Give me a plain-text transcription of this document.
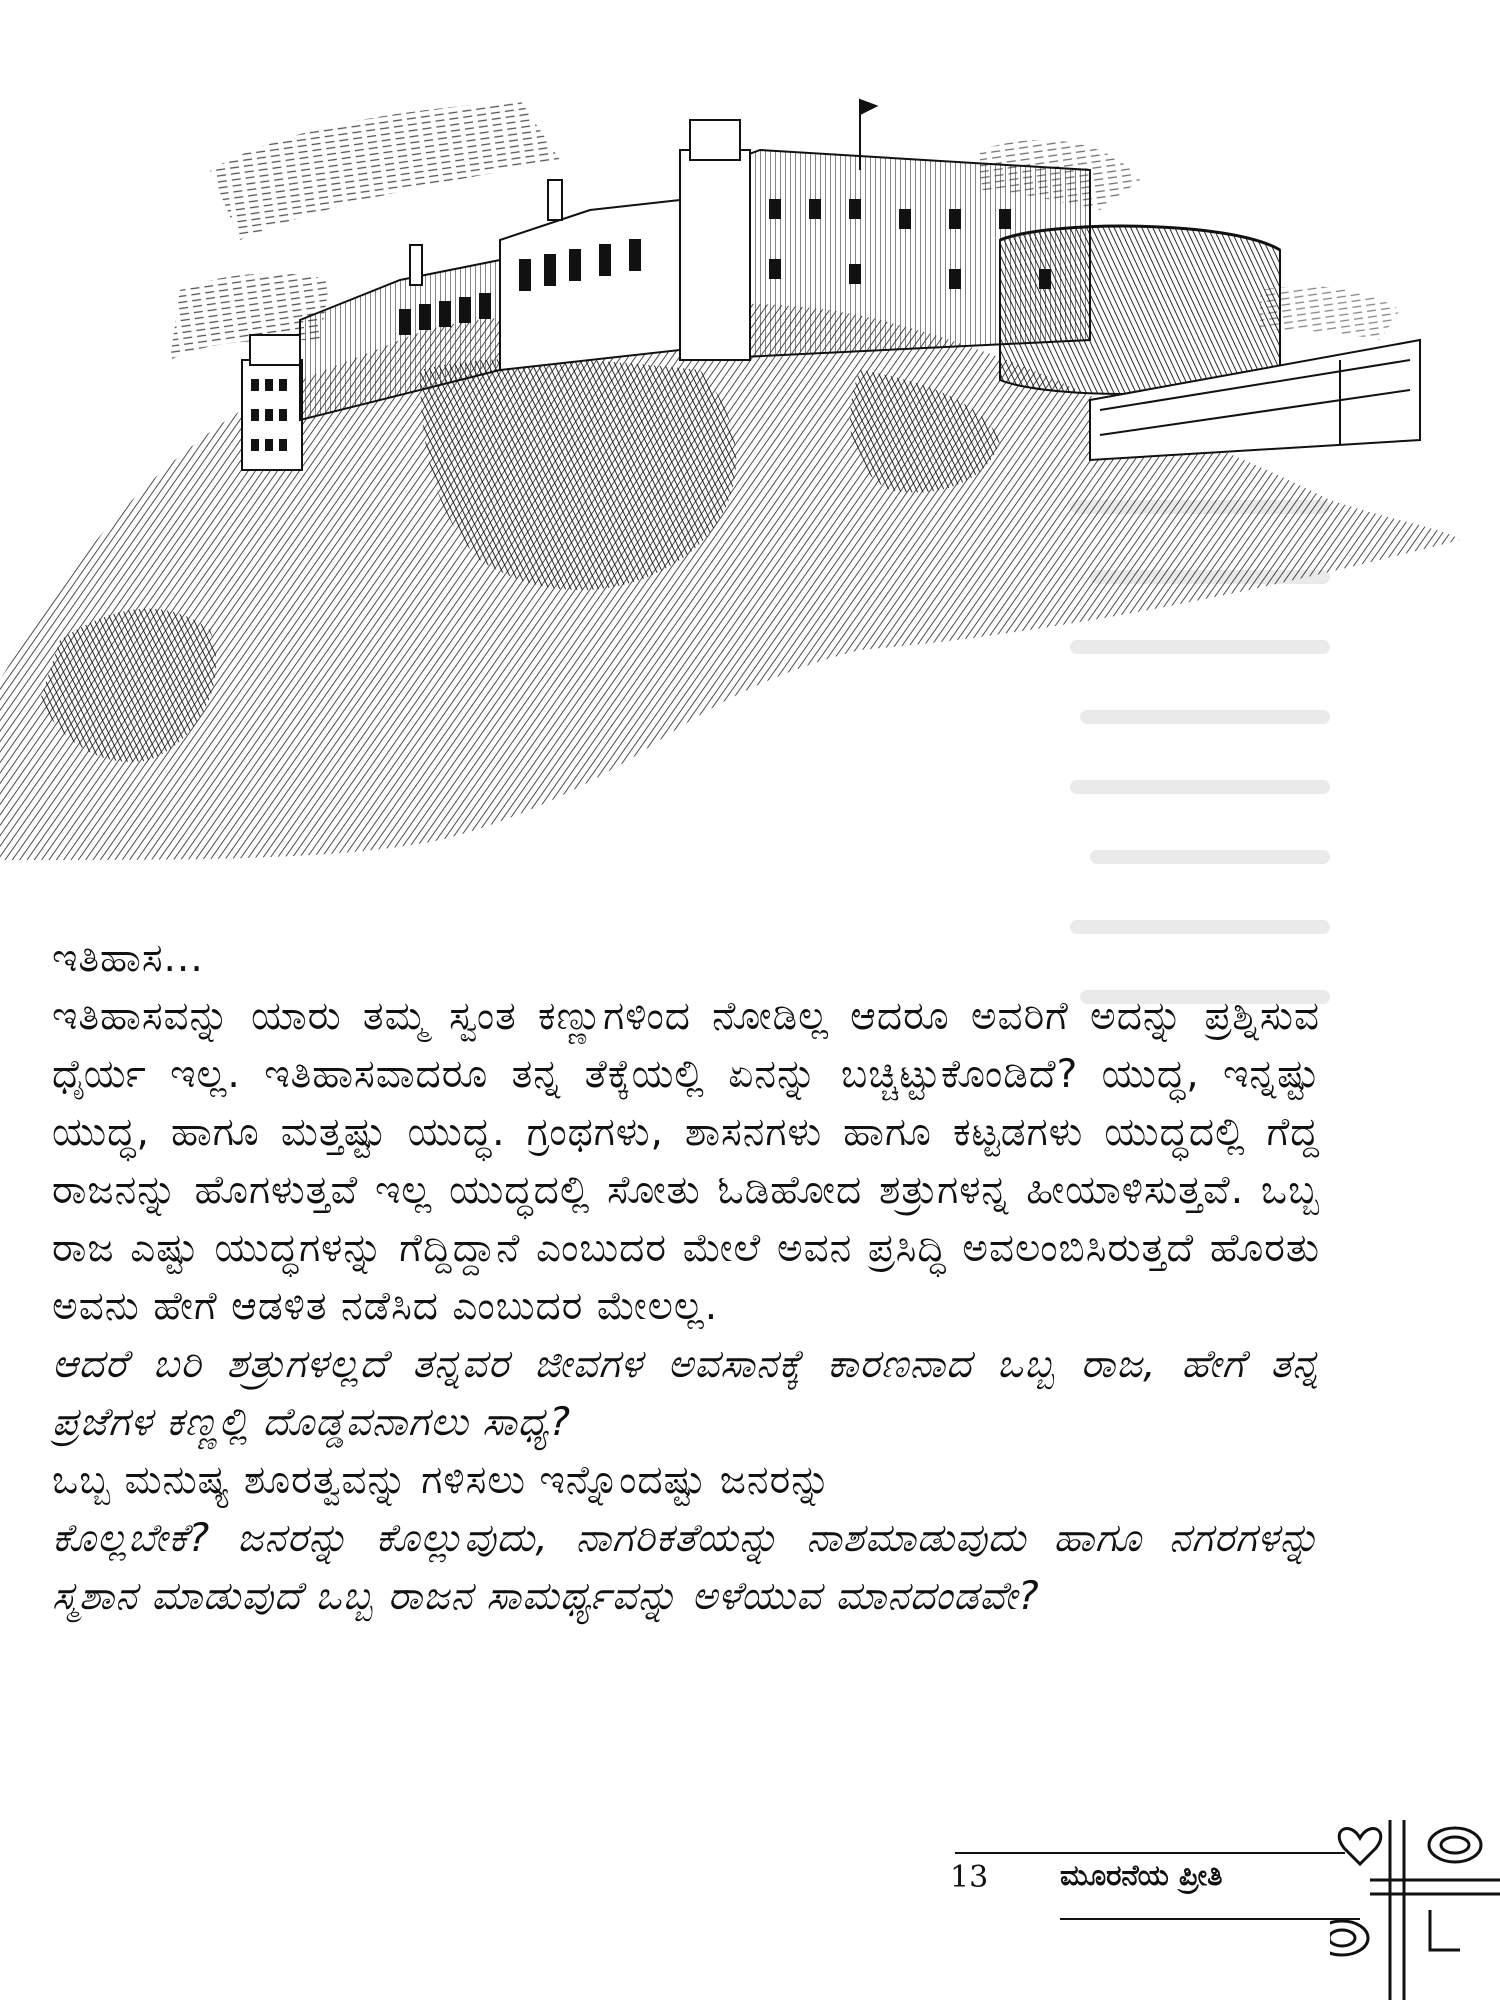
ಇತಿಹಾಸ...

ಇತಿಹಾಸವನ್ನು ಯಾರು ತಮ್ಮ ಸ್ವಂತ ಕಣ್ಣುಗಳಿಂದ ನೋಡಿಲ್ಲ ಆದರೂ ಅವರಿಗೆ ಅದನ್ನು ಪ್ರಶ್ನಿಸುವ ಧೈರ್ಯ ಇಲ್ಲ. ಇತಿಹಾಸವಾದರೂ ತನ್ನ ತೆಕ್ಕೆಯಲ್ಲಿ ಏನನ್ನು ಬಚ್ಚಿಟ್ಟುಕೊಂಡಿದೆ? ಯುದ್ಧ, ಇನ್ನಷ್ಟು ಯುದ್ಧ, ಹಾಗೂ ಮತ್ತಷ್ಟು ಯುದ್ಧ. ಗ್ರಂಥಗಳು, ಶಾಸನಗಳು ಹಾಗೂ ಕಟ್ಟಡಗಳು ಯುದ್ಧದಲ್ಲಿ ಗೆದ್ದ ರಾಜನನ್ನು ಹೊಗಳುತ್ತವೆ ಇಲ್ಲ ಯುದ್ಧದಲ್ಲಿ ಸೋತು ಓಡಿಹೋದ ಶತ್ರುಗಳನ್ನ ಹೀಯಾಳಿಸುತ್ತವೆ. ಒಬ್ಬ ರಾಜ ಎಷ್ಟು ಯುದ್ಧಗಳನ್ನು ಗೆದ್ದಿದ್ದಾನೆ ಎಂಬುದರ ಮೇಲೆ ಅವನ ಪ್ರಸಿದ್ಧಿ ಅವಲಂಬಿಸಿರುತ್ತದೆ ಹೊರತು ಅವನು ಹೇಗೆ ಆಡಳಿತ ನಡೆಸಿದ ಎಂಬುದರ ಮೇಲಲ್ಲ.

ಆದರೆ ಬರಿ ಶತ್ರುಗಳಲ್ಲದೆ ತನ್ನವರ ಜೀವಗಳ ಅವಸಾನಕ್ಕೆ ಕಾರಣನಾದ ಒಬ್ಬ ರಾಜ, ಹೇಗೆ ತನ್ನ ಪ್ರಜೆಗಳ ಕಣ್ಣಲ್ಲಿ ದೊಡ್ಡವನಾಗಲು ಸಾಧ್ಯ?

ಒಬ್ಬ ಮನುಷ್ಯ ಶೂರತ್ವವನ್ನು ಗಳಿಸಲು ಇನ್ನೊಂದಷ್ಟು ಜನರನ್ನು

ಕೊಲ್ಲಬೇಕೆ? ಜನರನ್ನು ಕೊಲ್ಲುವುದು, ನಾಗರಿಕತೆಯನ್ನು ನಾಶಮಾಡುವುದು ಹಾಗೂ ನಗರಗಳನ್ನು ಸ್ಮಶಾನ ಮಾಡುವುದೆ ಒಬ್ಬ ರಾಜನ ಸಾಮರ್ಥ್ಯವನ್ನು ಅಳೆಯುವ ಮಾನದಂಡವೇ?

13 ಮೂರನೆಯ ಪ್ರೀತಿ
